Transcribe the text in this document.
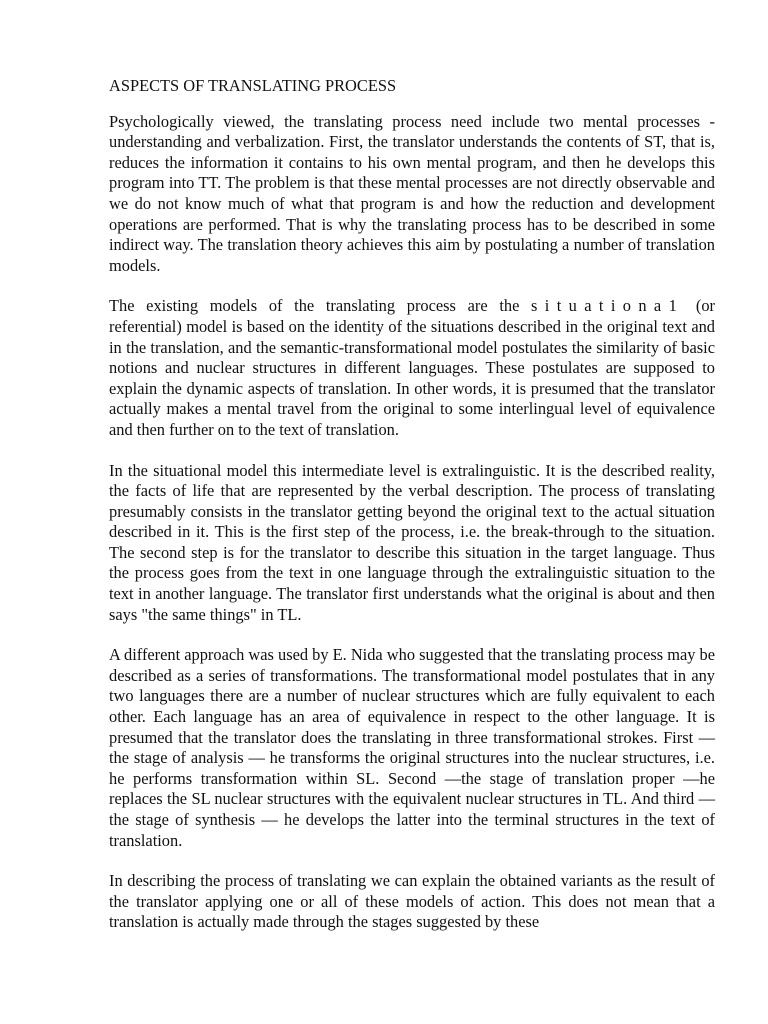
ASPECTS OF TRANSLATING PROCESS

Psychologically viewed, the translating process need include two mental processes - understanding and verbalization. First, the translator understands the contents of ST, that is, reduces the information it contains to his own mental program, and then he develops this program into TT. The problem is that these mental processes are not directly observable and we do not know much of what that program is and how the reduction and development operations are performed. That is why the translating process has to be described in some indirect way. The translation theory achieves this aim by postulating a number of translation models.

The existing models of the translating process are the situationa1 (or referential) model is based on the identity of the situations described in the original text and in the translation, and the semantic-transformational model postulates the similarity of basic notions and nuclear structures in different languages. These postulates are supposed to explain the dynamic aspects of translation. In other words, it is presumed that the translator actually makes a mental travel from the original to some interlingual level of equivalence and then further on to the text of translation.

In the situational model this intermediate level is extralinguistic. It is the described reality, the facts of life that are represented by the verbal description. The process of translating presumably consists in the translator getting beyond the original text to the actual situation described in it. This is the first step of the process, i.e. the break-through to the situation. The second step is for the translator to describe this situation in the target language. Thus the process goes from the text in one language through the extralinguistic situation to the text in another language. The translator first understands what the original is about and then says "the same things" in TL.

A different approach was used by E. Nida who suggested that the translating process may be described as a series of transformations. The transformational model postulates that in any two languages there are a number of nuclear structures which are fully equivalent to each other. Each language has an area of equivalence in respect to the other language. It is presumed that the translator does the translating in three transformational strokes. First — the stage of analysis — he transforms the original structures into the nuclear structures, i.e. he performs transformation within SL. Second —the stage of translation proper —he replaces the SL nuclear structures with the equivalent nuclear structures in TL. And third — the stage of synthesis — he develops the latter into the terminal structures in the text of translation.

In describing the process of translating we can explain the obtained variants as the result of the translator applying one or all of these models of action. This does not mean that a translation is actually made through the stages suggested by these
